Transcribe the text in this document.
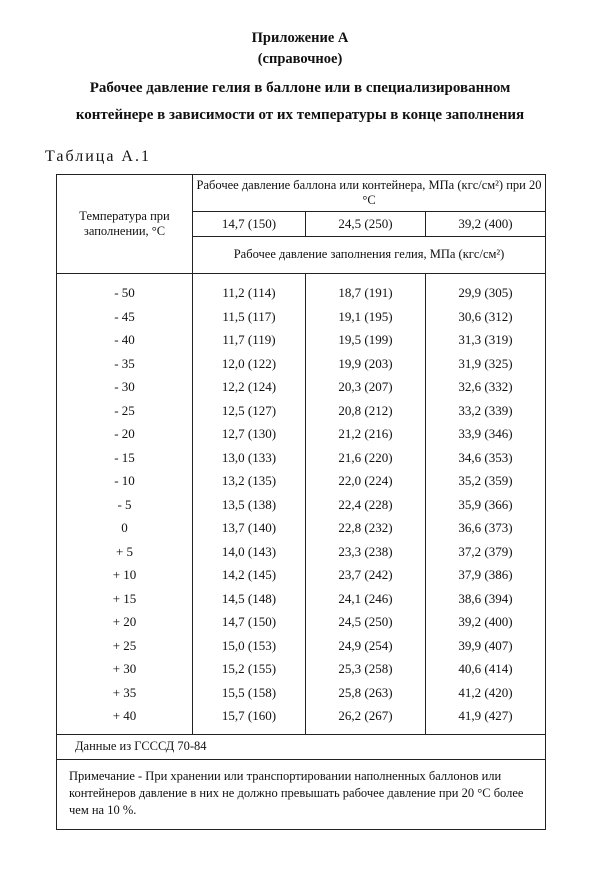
Приложение А
(справочное)
Рабочее давление гелия в баллоне или в специализированном
контейнере в зависимости от их температуры в конце заполнения
Таблица А.1
Температура при заполнении, °C	Рабочее давление баллона или контейнера, МПа (кгс/см²) при 20 °C		
	14,7 (150)	24,5 (250)	39,2 (400)
	Рабочее давление заполнения гелия, МПа (кгс/см²)		
- 50	11,2 (114)	18,7 (191)	29,9 (305)
- 45	11,5 (117)	19,1 (195)	30,6 (312)
- 40	11,7 (119)	19,5 (199)	31,3 (319)
- 35	12,0 (122)	19,9 (203)	31,9 (325)
- 30	12,2 (124)	20,3 (207)	32,6 (332)
- 25	12,5 (127)	20,8 (212)	33,2 (339)
- 20	12,7 (130)	21,2 (216)	33,9 (346)
- 15	13,0 (133)	21,6 (220)	34,6 (353)
- 10	13,2 (135)	22,0 (224)	35,2 (359)
- 5	13,5 (138)	22,4 (228)	35,9 (366)
0	13,7 (140)	22,8 (232)	36,6 (373)
+ 5	14,0 (143)	23,3 (238)	37,2 (379)
+ 10	14,2 (145)	23,7 (242)	37,9 (386)
+ 15	14,5 (148)	24,1 (246)	38,6 (394)
+ 20	14,7 (150)	24,5 (250)	39,2 (400)
+ 25	15,0 (153)	24,9 (254)	39,9 (407)
+ 30	15,2 (155)	25,3 (258)	40,6 (414)
+ 35	15,5 (158)	25,8 (263)	41,2 (420)
+ 40	15,7 (160)	26,2 (267)	41,9 (427)
Данные из ГСССД 70-84			
Примечание - При хранении или транспортировании наполненных баллонов или контейнеров давление в них не должно превышать рабочее давление при 20 °C более чем на 10 %.			
